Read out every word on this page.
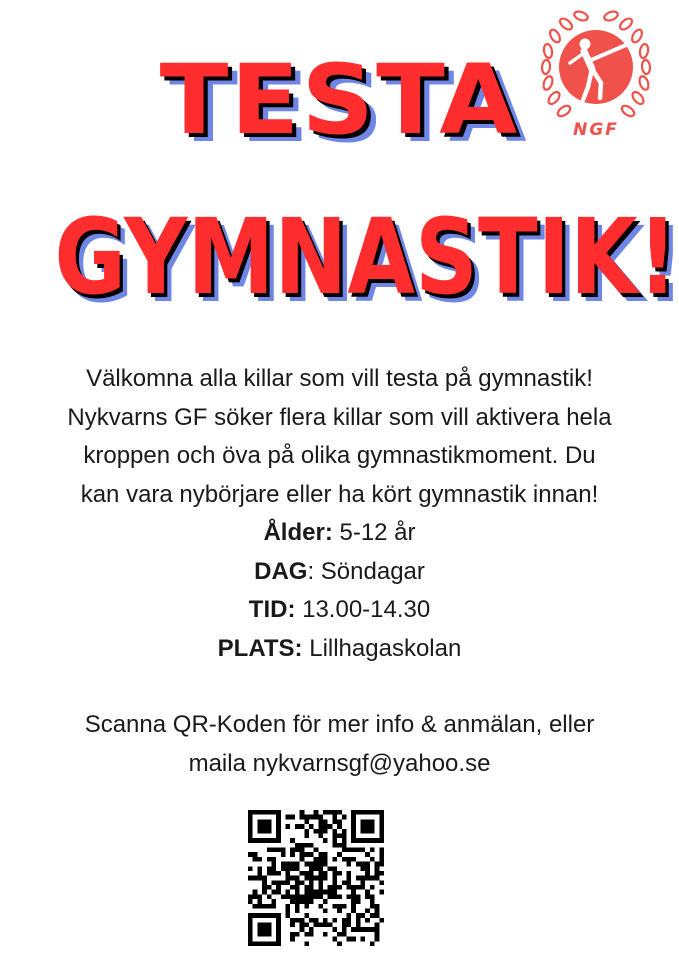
TESTA
GYMNASTIK!
NGF

Välkomna alla killar som vill testa på gymnastik!

Nykvarns GF söker flera killar som vill aktivera hela

kroppen och öva på olika gymnastikmoment. Du

kan vara nybörjare eller ha kört gymnastik innan!

Ålder: 5-12 år

DAG: Söndagar

TID: 13.00-14.30

PLATS: Lillhagaskolan

Scanna QR-Koden för mer info & anmälan, eller

maila nykvarnsgf@yahoo.se
